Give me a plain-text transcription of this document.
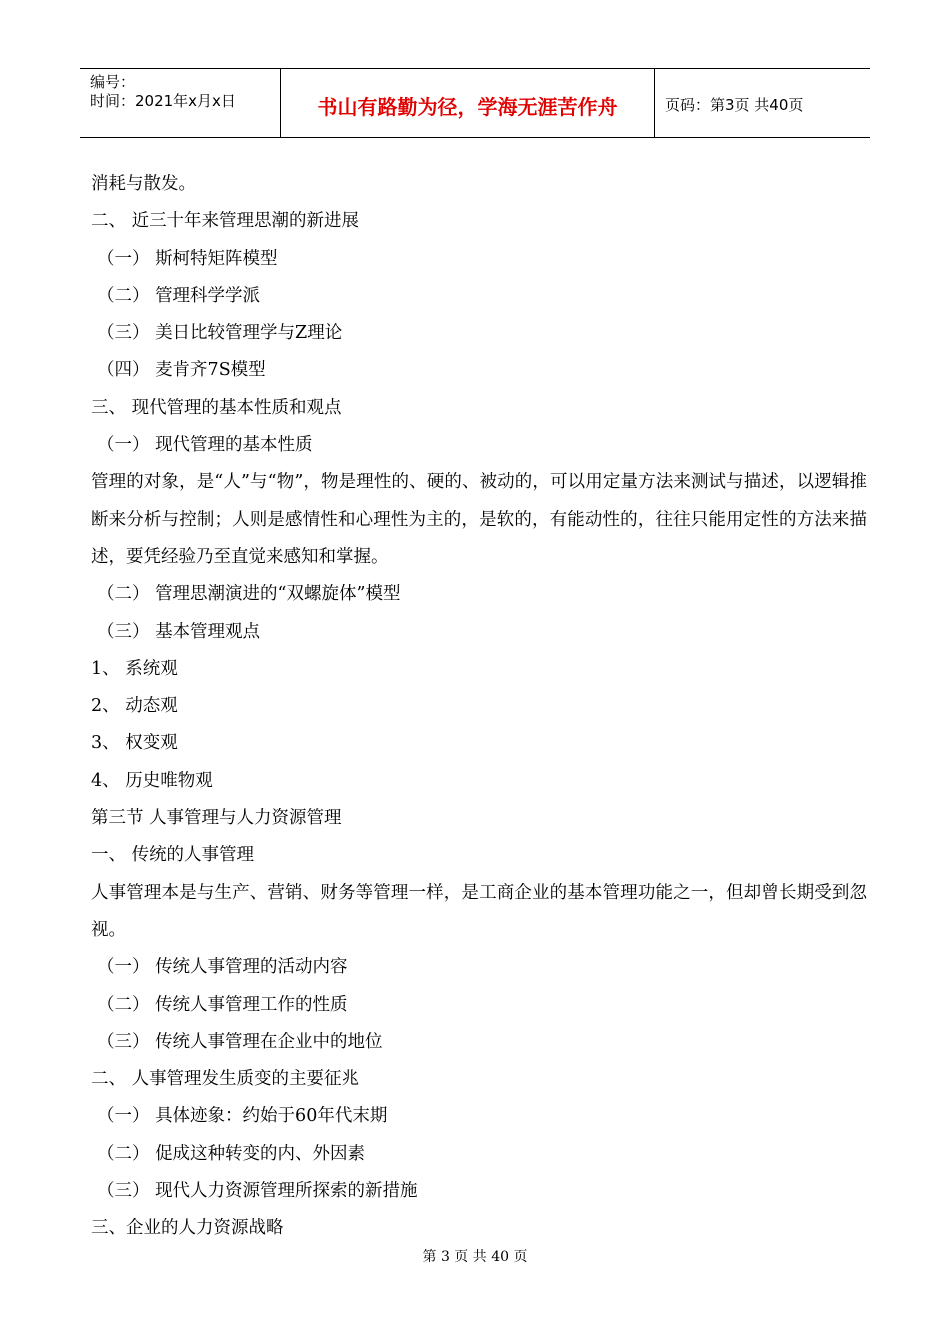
编号：
时间：2021年x月x日	书山有路勤为径，学海无涯苦作舟	页码：第3页 共40页
消耗与散发。
二、 近三十年来管理思潮的新进展
（一） 斯柯特矩阵模型
（二） 管理科学学派
（三） 美日比较管理学与Z理论
（四） 麦肯齐7S模型
三、 现代管理的基本性质和观点
（一） 现代管理的基本性质
管理的对象，是“人”与“物”，物是理性的、硬的、被动的，可以用定量方法来测试与描述，以逻辑推断来分析与控制；人则是感情性和心理性为主的，是软的，有能动性的，往往只能用定性的方法来描述，要凭经验乃至直觉来感知和掌握。
（二） 管理思潮演进的“双螺旋体”模型
（三） 基本管理观点
1、 系统观
2、 动态观
3、 权变观
4、 历史唯物观
第三节 人事管理与人力资源管理
一、 传统的人事管理
人事管理本是与生产、营销、财务等管理一样，是工商企业的基本管理功能之一，但却曾长期受到忽视。
（一） 传统人事管理的活动内容
（二） 传统人事管理工作的性质
（三） 传统人事管理在企业中的地位
二、 人事管理发生质变的主要征兆
（一） 具体迹象：约始于60年代末期
（二） 促成这种转变的内、外因素
（三） 现代人力资源管理所探索的新措施
三、企业的人力资源战略
第 3 页 共 40 页
